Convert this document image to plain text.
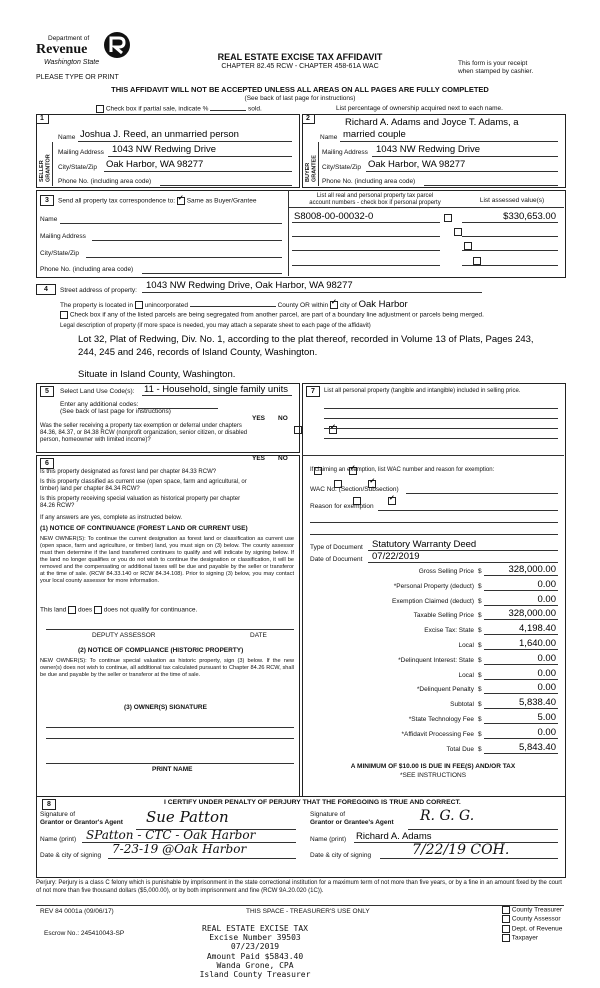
Department of
Revenue
Washington State
PLEASE TYPE OR PRINT
REAL ESTATE EXCISE TAX AFFIDAVIT
CHAPTER 82.45 RCW - CHAPTER 458-61A WAC	This form is your receipt
when stamped by cashier.
THIS AFFIDAVIT WILL NOT BE ACCEPTED UNLESS ALL AREAS ON ALL PAGES ARE FULLY COMPLETED
(See back of last page for instructions)
Check box if partial sale, indicate %	sold.	List percentage of ownership acquired next to each name.
1
SELLER GRANTOR
Name Joshua J. Reed, an unmarried person
Mailing Address 1043 NW Redwing Drive
City/State/Zip Oak Harbor, WA 98277
Phone No. (including area code)
2	Richard A. Adams and Joyce T. Adams, a
Name married couple
BUYER GRANTEE
Mailing Address 1043 NW Redwing Drive
City/State/Zip Oak Harbor, WA 98277
Phone No. (including area code)
3	Send all property tax correspondence to: ✓ Same as Buyer/Grantee
List all real and personal property tax parcel
account numbers - check box if personal property	List assessed value(s)
Name
Mailing Address
City/State/Zip
Phone No. (including area code)
S8008-00-00032-0
	$330,653.00

4	Street address of property: 1043 NW Redwing Drive, Oak Harbor, WA 98277
The property is located in unincorporated	County OR within ✓ city of Oak Harbor
Check box if any of the listed parcels are being segregated from another parcel, are part of a boundary line adjustment or parcels being merged.
Legal description of property (if more space is needed, you may attach a separate sheet to each page of the affidavit)
Lot 32, Plat of Redwing, Div. No. 1, according to the plat thereof, recorded in Volume 13 of Plats, Pages 243,
244, 245 and 246, records of Island County, Washington.
Situate in Island County, Washington.
5	Select Land Use Code(s): 11 - Household, single family units
Enter any additional codes:
(See back of last page for instructions)
YES NO
Was the seller receiving a property tax exemption or deferral under chapters 84.36, 84.37, or 84.38 RCW (nonprofit organization, senior citizen, or disabled person, homeowner with limited income)?
✓
6
YES NO
Is this property designated as forest land per chapter 84.33 RCW?
✓
Is this property classified as current use (open space, farm and agricultural, or timber) land per chapter 84.34 RCW?
✓
Is this property receiving special valuation as historical property per chapter 84.26 RCW?
✓
If any answers are yes, complete as instructed below.
(1) NOTICE OF CONTINUANCE (FOREST LAND OR CURRENT USE)
NEW OWNER(S): To continue the current designation as forest land or classification as current use (open space, farm and agriculture, or timber) land, you must sign on (3) below. The county assessor must then determine if the land transferred continues to qualify and will indicate by signing below. If the land no longer qualifies or you do not wish to continue the designation or classification, it will be removed and the compensating or additional taxes will be due and payable by the seller or transferor at the time of sale. (RCW 84.33.140 or RCW 84.34.108). Prior to signing (3) below, you may contact your local county assessor for more information.
This land does does not qualify for continuance.
DEPUTY ASSESSOR	DATE
(2) NOTICE OF COMPLIANCE (HISTORIC PROPERTY)
NEW OWNER(S): To continue special valuation as historic property, sign (3) below. If the new owner(s) does not wish to continue, all additional tax calculated pursuant to Chapter 84.26 RCW, shall be due and payable by the seller or transferor at the time of sale.
(3) OWNER(S) SIGNATURE
PRINT NAME
7	List all personal property (tangible and intangible) included in selling price.
If claiming an exemption, list WAC number and reason for exemption:
WAC No. (Section/Subsection)
Reason for exemption
Type of Document Statutory Warranty Deed
Date of Document 07/22/2019
Gross Selling Price $	328,000.00
*Personal Property (deduct) $	0.00
Exemption Claimed (deduct) $	0.00
Taxable Selling Price $	328,000.00
Excise Tax: State $	4,198.40
Local $	1,640.00
*Delinquent Interest: State $	0.00
Local $	0.00
*Delinquent Penalty $	0.00
Subtotal $	5,838.40
*State Technology Fee $	5.00
*Affidavit Processing Fee $	0.00
Total Due $	5,843.40
A MINIMUM OF $10.00 IS DUE IN FEE(S) AND/OR TAX
*SEE INSTRUCTIONS
8	I CERTIFY UNDER PENALTY OF PERJURY THAT THE FOREGOING IS TRUE AND CORRECT.
Signature of
Grantor or Grantor's Agent Sue Patton
Name (print) SPatton - CTC - Oak Harbor
Date & city of signing 7-23-19 @Oak Harbor
Signature of
Grantor or Grantee's Agent R. G. G.
Name (print) Richard A. Adams
Date & city of signing	7/22/19 COH.
Perjury: Perjury is a class C felony which is punishable by imprisonment in the state correctional institution for a maximum term of not more than five years, or by a fine in an amount fixed by the court of not more than five thousand dollars ($5,000.00), or by both imprisonment and fine (RCW 9A.20.020 (1C)).
REV 84 0001a (09/06/17)	THIS SPACE - TREASURER'S USE ONLY
Escrow No.: 245410043-SP
REAL ESTATE EXCISE TAX
Excise Number 39503
07/23/2019
Amount Paid $5843.40
Wanda Grone, CPA
Island County Treasurer
County Treasurer
County Assessor
Dept. of Revenue
Taxpayer
